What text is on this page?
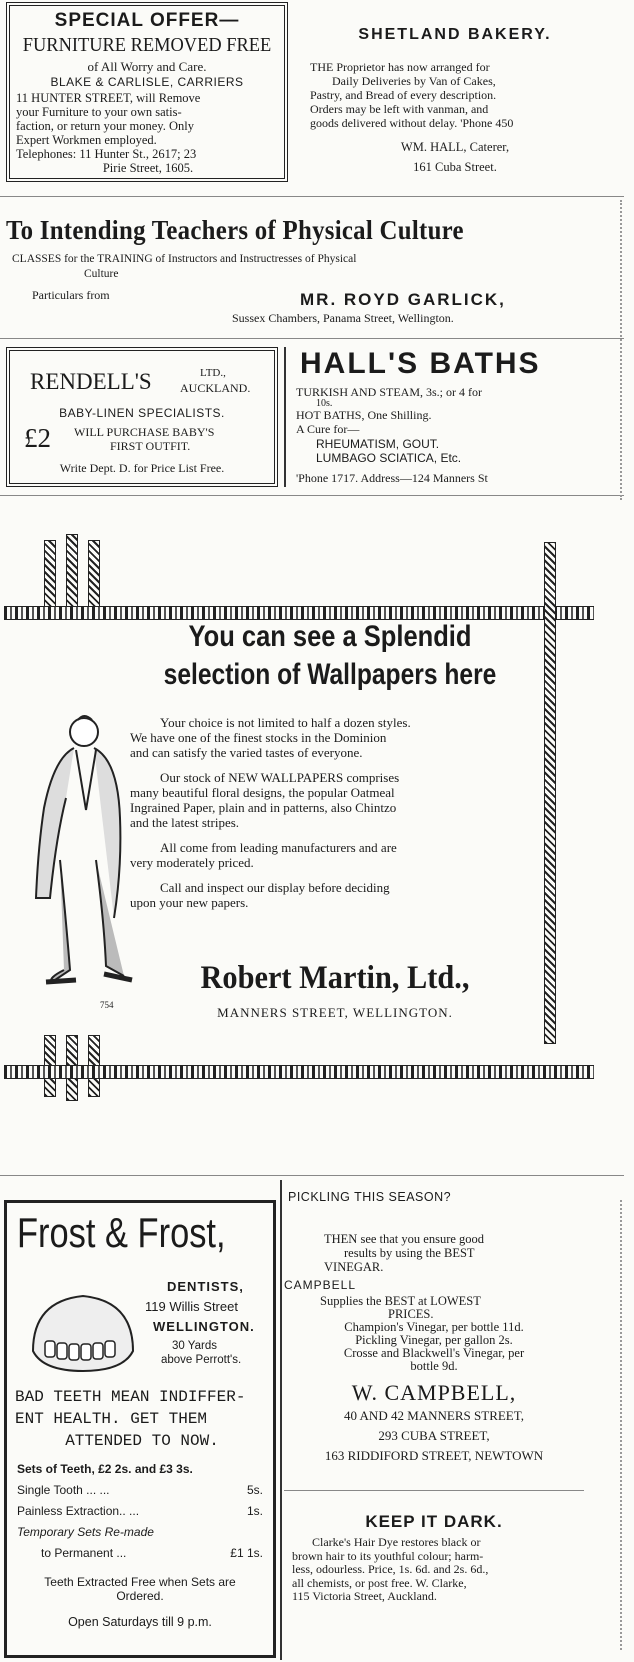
SPECIAL OFFER—
FURNITURE REMOVED FREE
of All Worry and Care.
BLAKE & CARLISLE, CARRIERS
11 HUNTER STREET, will Remove
your Furniture to your own satis-
faction, or return your money. Only
Expert Workmen employed.
Telephones: 11 Hunter St., 2617; 23
Pirie Street, 1605.
SHETLAND BAKERY.
THE Proprietor has now arranged for
Daily Deliveries by Van of Cakes,
Pastry, and Bread of every description.
Orders may be left with vanman, and
goods delivered without delay. 'Phone 450
WM. HALL, Caterer,
161 Cuba Street.
To Intending Teachers of Physical Culture
CLASSES for the TRAINING of Instructors and Instructresses of Physical
Culture
Particulars from	MR. ROYD GARLICK,
Sussex Chambers, Panama Street, Wellington.
RENDELL'S	LTD.,
AUCKLAND.
BABY-LINEN SPECIALISTS.
£2 WILL PURCHASE BABY'S
FIRST OUTFIT.
Write Dept. D. for Price List Free.
HALL'S BATHS
TURKISH AND STEAM, 3s.; or 4 for
10s.
HOT BATHS, One Shilling.
A Cure for—
RHEUMATISM, GOUT.
LUMBAGO SCIATICA, Etc.
'Phone 1717. Address—124 Manners St
You can see a Splendid
selection of Wallpapers here
754
Your choice is not limited to half a dozen styles.
We have one of the finest stocks in the Dominion
and can satisfy the varied tastes of everyone.
Our stock of NEW WALLPAPERS comprises
many beautiful floral designs, the popular Oatmeal
Ingrained Paper, plain and in patterns, also Chintzo
and the latest stripes.
All come from leading manufacturers and are
very moderately priced.
Call and inspect our display before deciding
upon your new papers.
Robert Martin, Ltd.,
MANNERS STREET, WELLINGTON.
Frost & Frost,
DENTISTS,
119 Willis Street
WELLINGTON.
30 Yards
above Perrott's.
BAD TEETH MEAN INDIFFER-
ENT HEALTH. GET THEM
ATTENDED TO NOW.
Sets of Teeth, £2 2s. and £3 3s.
Single Tooth ... ...	5s.
Painless Extraction.. ...	1s.
Temporary Sets Re-made
to Permanent ...	£1 1s.
Teeth Extracted Free when Sets are
Ordered.
Open Saturdays till 9 p.m.
PICKLING THIS SEASON?
THEN see that you ensure good
results by using the BEST
VINEGAR.
CAMPBELL
Supplies the BEST at LOWEST
PRICES.
Champion's Vinegar, per bottle 11d.
Pickling Vinegar, per gallon 2s.
Crosse and Blackwell's Vinegar, per
bottle 9d.
W. CAMPBELL,
40 AND 42 MANNERS STREET,
293 CUBA STREET,
163 RIDDIFORD STREET, NEWTOWN
KEEP IT DARK.
Clarke's Hair Dye restores black or
brown hair to its youthful colour; harm-
less, odourless. Price, 1s. 6d. and 2s. 6d.,
all chemists, or post free. W. Clarke,
115 Victoria Street, Auckland.
